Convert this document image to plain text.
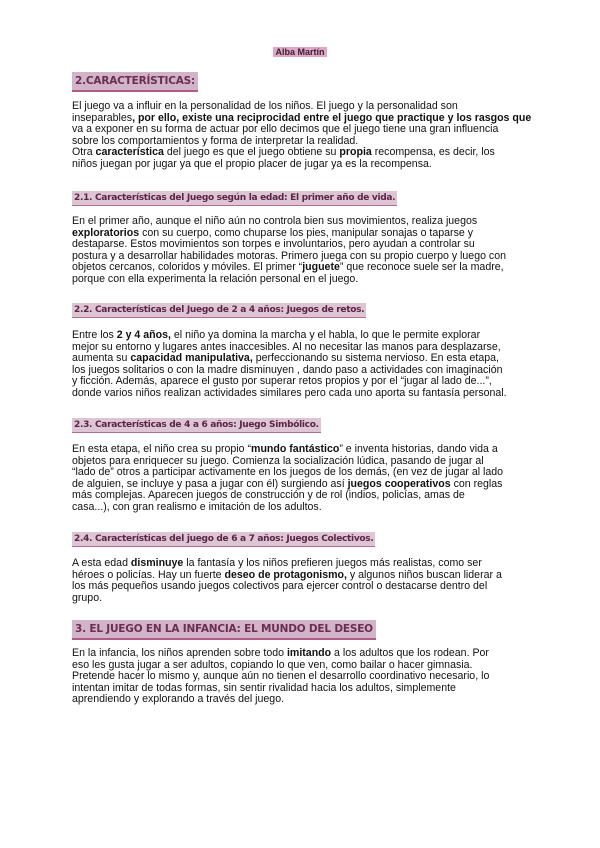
Alba Martín
2.CARACTERÍSTICAS:
El juego va a influir en la personalidad de los niños. El juego y la personalidad son
inseparables, por ello, existe una reciprocidad entre el juego que practique y los rasgos que
va a exponer en su forma de actuar por ello decimos que el juego tiene una gran influencia
sobre los comportamientos y forma de interpretar la realidad.
Otra característica del juego es que el juego obtiene su propia recompensa, es decir, los
niños juegan por jugar ya que el propio placer de jugar ya es la recompensa.
2.1. Características del Juego según la edad: El primer año de vida.
En el primer año, aunque el niño aún no controla bien sus movimientos, realiza juegos
exploratorios con su cuerpo, como chuparse los pies, manipular sonajas o taparse y
destaparse. Estos movimientos son torpes e involuntarios, pero ayudan a controlar su
postura y a desarrollar habilidades motoras. Primero juega con su propio cuerpo y luego con
objetos cercanos, coloridos y móviles. El primer “juguete” que reconoce suele ser la madre,
porque con ella experimenta la relación personal en el juego.
2.2. Características del Juego de 2 a 4 años: Juegos de retos.
Entre los 2 y 4 años, el niño ya domina la marcha y el habla, lo que le permite explorar
mejor su entorno y lugares antes inaccesibles. Al no necesitar las manos para desplazarse,
aumenta su capacidad manipulativa, perfeccionando su sistema nervioso. En esta etapa,
los juegos solitarios o con la madre disminuyen , dando paso a actividades con imaginación
y ficción. Además, aparece el gusto por superar retos propios y por el “jugar al lado de...”,
donde varios niños realizan actividades similares pero cada uno aporta su fantasía personal.
2.3. Características de 4 a 6 años: Juego Simbólico.
En esta etapa, el niño crea su propio “mundo fantástico” e inventa historias, dando vida a
objetos para enriquecer su juego. Comienza la socialización lúdica, pasando de jugar al
“lado de” otros a participar activamente en los juegos de los demás, (en vez de jugar al lado
de alguien, se incluye y pasa a jugar con él) surgiendo así juegos cooperativos con reglas
más complejas. Aparecen juegos de construcción y de rol (indios, policías, amas de
casa...), con gran realismo e imitación de los adultos.
2.4. Características del juego de 6 a 7 años: Juegos Colectivos.
A esta edad disminuye la fantasía y los niños prefieren juegos más realistas, como ser
héroes o policías. Hay un fuerte deseo de protagonismo, y algunos niños buscan liderar a
los más pequeños usando juegos colectivos para ejercer control o destacarse dentro del
grupo.
3. EL JUEGO EN LA INFANCIA: EL MUNDO DEL DESEO
En la infancia, los niños aprenden sobre todo imitando a los adultos que los rodean. Por
eso les gusta jugar a ser adultos, copiando lo que ven, como bailar o hacer gimnasia.
Pretende hacer lo mismo y, aunque aún no tienen el desarrollo coordinativo necesario, lo
intentan imitar de todas formas, sin sentir rivalidad hacia los adultos, simplemente
aprendiendo y explorando a través del juego.
